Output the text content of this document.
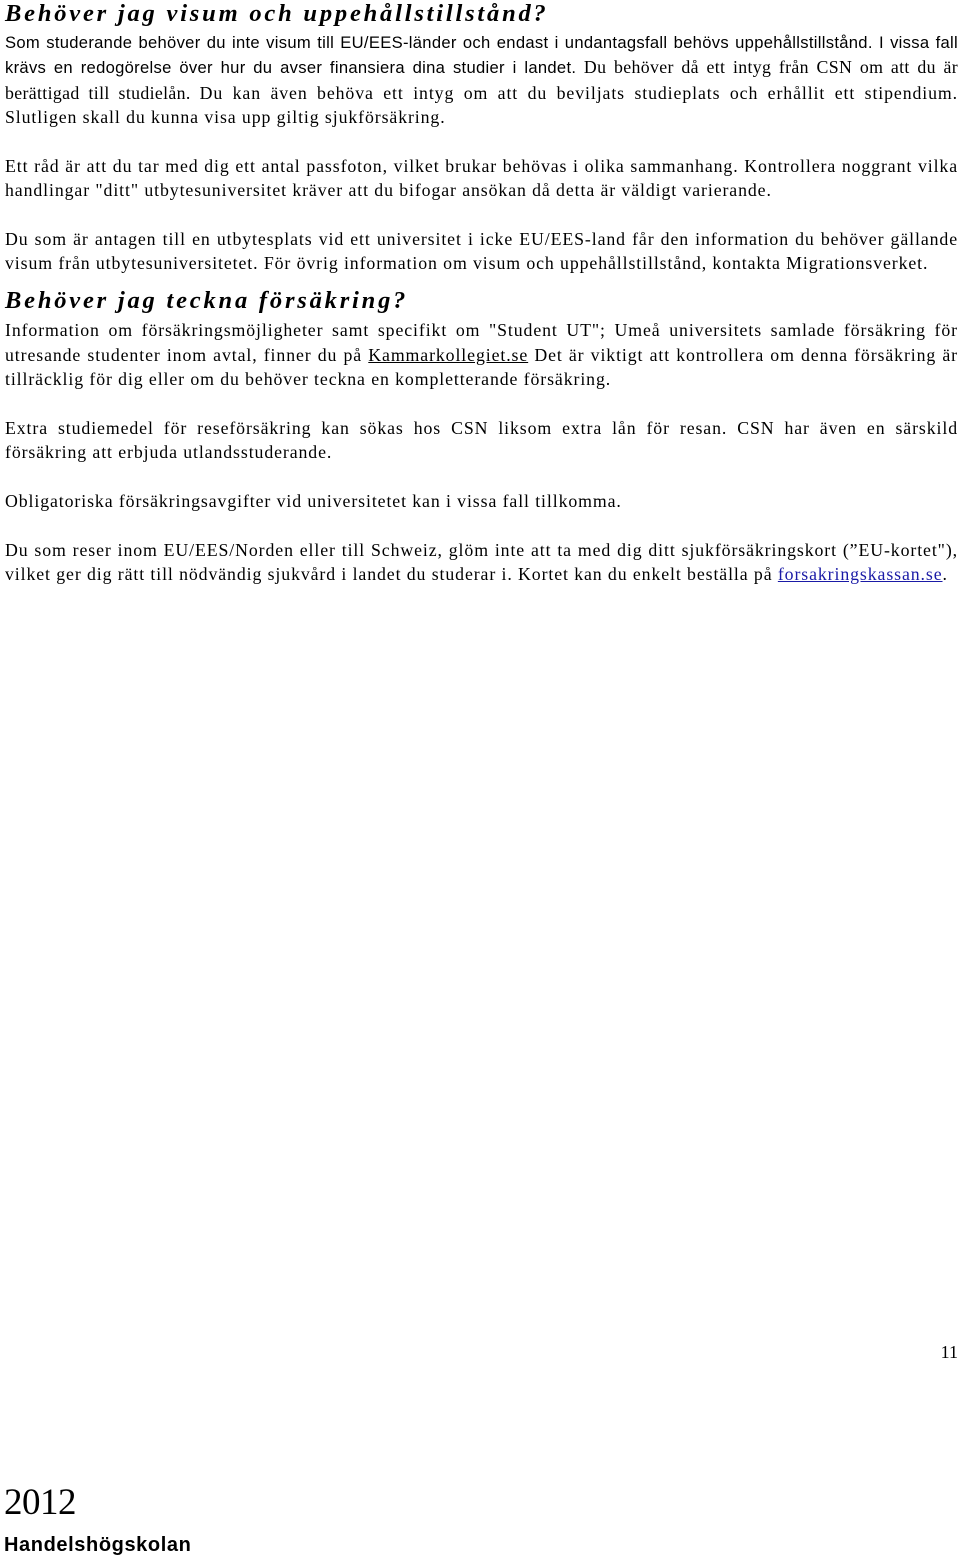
Behöver jag visum och uppehållstillstånd?

Som studerande behöver du inte visum till EU/EES-länder och endast i undantagsfall behövs uppehållstillstånd. I vissa fall krävs en redogörelse över hur du avser finansiera dina studier i landet. Du behöver då ett intyg från CSN om att du är berättigad till studielån. Du kan även behöva ett intyg om att du beviljats studieplats och erhållit ett stipendium. Slutligen skall du kunna visa upp giltig sjukförsäkring.

Ett råd är att du tar med dig ett antal passfoton, vilket brukar behövas i olika sammanhang. Kontrollera noggrant vilka handlingar "ditt" utbytesuniversitet kräver att du bifogar ansökan då detta är väldigt varierande.

Du som är antagen till en utbytesplats vid ett universitet i icke EU/EES-land får den information du behöver gällande visum från utbytesuniversitetet. För övrig information om visum och uppehållstillstånd, kontakta Migrationsverket.

Behöver jag teckna försäkring?

Information om försäkringsmöjligheter samt specifikt om "Student UT"; Umeå universitets samlade försäkring för utresande studenter inom avtal, finner du på Kammarkollegiet.se Det är viktigt att kontrollera om denna försäkring är tillräcklig för dig eller om du behöver teckna en kompletterande försäkring.

Extra studiemedel för reseförsäkring kan sökas hos CSN liksom extra lån för resan. CSN har även en särskild försäkring att erbjuda utlandsstuderande.

Obligatoriska försäkringsavgifter vid universitetet kan i vissa fall tillkomma.

Du som reser inom EU/EES/Norden eller till Schweiz, glöm inte att ta med dig ditt sjukförsäkringskort (”EU-kortet"), vilket ger dig rätt till nödvändig sjukvård i landet du studerar i. Kortet kan du enkelt beställa på forsakringskassan.se.

11
2012
Handelshögskolan
